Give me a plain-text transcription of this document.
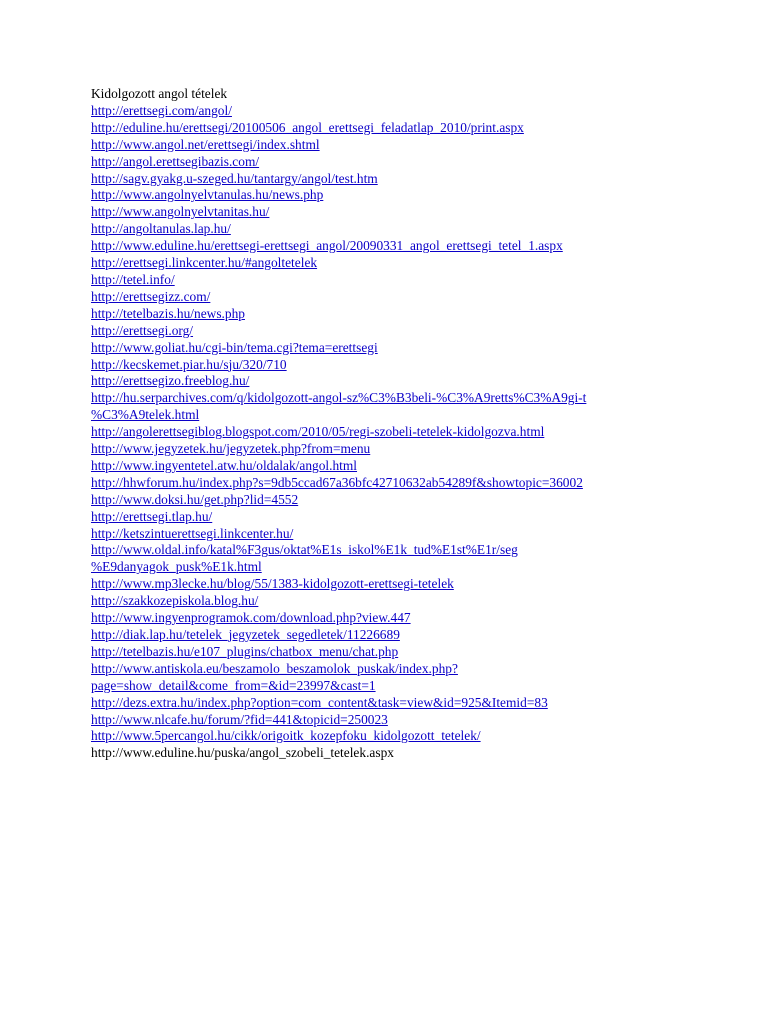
Kidolgozott angol tételek
http://erettsegi.com/angol/
http://eduline.hu/erettsegi/20100506_angol_erettsegi_feladatlap_2010/print.aspx
http://www.angol.net/erettsegi/index.shtml
http://angol.erettsegibazis.com/
http://sagv.gyakg.u-szeged.hu/tantargy/angol/test.htm
http://www.angolnyelvtanulas.hu/news.php
http://www.angolnyelvtanitas.hu/
http://angoltanulas.lap.hu/
http://www.eduline.hu/erettsegi-erettsegi_angol/20090331_angol_erettsegi_tetel_1.aspx
http://erettsegi.linkcenter.hu/#angoltetelek
http://tetel.info/
http://erettsegizz.com/
http://tetelbazis.hu/news.php
http://erettsegi.org/
http://www.goliat.hu/cgi-bin/tema.cgi?tema=erettsegi
http://kecskemet.piar.hu/sju/320/710
http://erettsegizo.freeblog.hu/
http://hu.serparchives.com/q/kidolgozott-angol-sz%C3%B3beli-%C3%A9retts%C3%A9gi-t
%C3%A9telek.html
http://angolerettsegiblog.blogspot.com/2010/05/regi-szobeli-tetelek-kidolgozva.html
http://www.jegyzetek.hu/jegyzetek.php?from=menu
http://www.ingyentetel.atw.hu/oldalak/angol.html
http://hhwforum.hu/index.php?s=9db5ccad67a36bfc42710632ab54289f&showtopic=36002
http://www.doksi.hu/get.php?lid=4552
http://erettsegi.tlap.hu/
http://ketszintuerettsegi.linkcenter.hu/
http://www.oldal.info/katal%F3gus/oktat%E1s_iskol%E1k_tud%E1st%E1r/seg
%E9danyagok_pusk%E1k.html
http://www.mp3lecke.hu/blog/55/1383-kidolgozott-erettsegi-tetelek
http://szakkozepiskola.blog.hu/
http://www.ingyenprogramok.com/download.php?view.447
http://diak.lap.hu/tetelek_jegyzetek_segedletek/11226689
http://tetelbazis.hu/e107_plugins/chatbox_menu/chat.php
http://www.antiskola.eu/beszamolo_beszamolok_puskak/index.php?
page=show_detail&come_from=&id=23997&cast=1
http://dezs.extra.hu/index.php?option=com_content&task=view&id=925&Itemid=83
http://www.nlcafe.hu/forum/?fid=441&topicid=250023
http://www.5percangol.hu/cikk/origoitk_kozepfoku_kidolgozott_tetelek/
http://www.eduline.hu/puska/angol_szobeli_tetelek.aspx
